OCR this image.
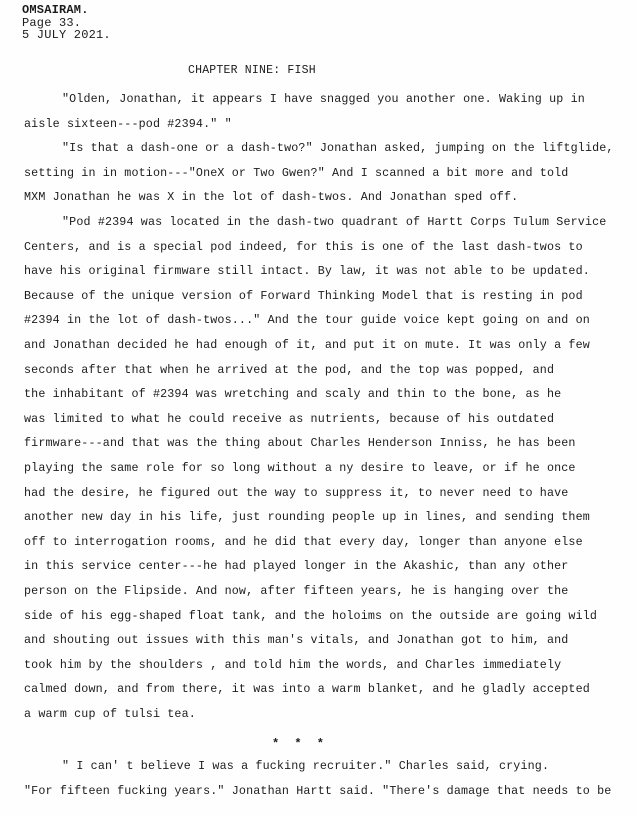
OMSAIRAM.
Page 33.
5 JULY 2021.
CHAPTER NINE: FISH
"Olden, Jonathan, it appears I have snagged you another one. Waking up in
aisle sixteen---pod #2394." "
"Is that a dash-one or a dash-two?" Jonathan asked, jumping on the liftglide,
setting in in motion---"OneX or Two Gwen?" And I scanned a bit more and told
MXM Jonathan he was X in the lot of dash-twos. And Jonathan sped off.
"Pod #2394 was located in the dash-two quadrant of Hartt Corps Tulum Service
Centers, and is a special pod indeed, for this is one of the last dash-twos to
have his original firmware still intact. By law, it was not able to be updated.
Because of the unique version of Forward Thinking Model that is resting in pod
#2394 in the lot of dash-twos..." And the tour guide voice kept going on and on
and Jonathan decided he had enough of it, and put it on mute. It was only a few
seconds after that when he arrived at the pod, and the top was popped, and
the inhabitant of #2394 was wretching and scaly and thin to the bone, as he
was limited to what he could receive as nutrients, because of his outdated
firmware---and that was the thing about Charles Henderson Inniss, he has been
playing the same role for so long without a ny desire to leave, or if he once
had the desire, he figured out the way to suppress it, to never need to have
another new day in his life, just rounding people up in lines, and sending them
off to interrogation rooms, and he did that every day, longer than anyone else
in this service center---he had played longer in the Akashic, than any other
person on the Flipside. And now, after fifteen years, he is hanging over the
side of his egg-shaped float tank, and the holoims on the outside are going wild
and shouting out issues with this man's vitals, and Jonathan got to him, and
took him by the shoulders , and told him the words, and Charles immediately
calmed down, and from there, it was into a warm blanket, and he gladly accepted
a warm cup of tulsi tea.
* * *
" I can' t believe I was a fucking recruiter." Charles said, crying.
"For fifteen fucking years." Jonathan Hartt said. "There's damage that needs to be
